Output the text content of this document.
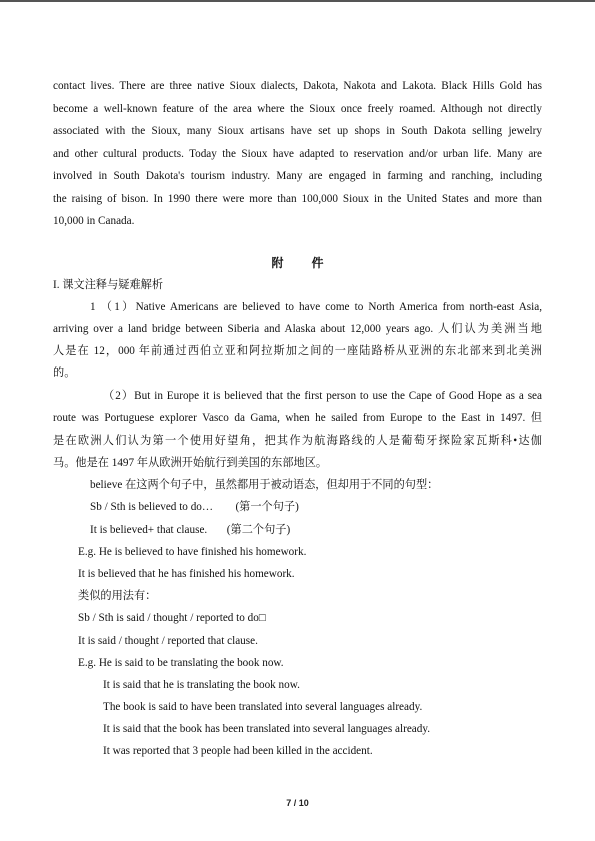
contact lives. There are three native Sioux dialects, Dakota, Nakota and Lakota. Black Hills Gold has

become a well-known feature of the area where the Sioux once freely roamed. Although not directly

associated with the Sioux, many Sioux artisans have set up shops in South Dakota selling jewelry

and other cultural products. Today the Sioux have adapted to reservation and/or urban life. Many are

involved in South Dakota's tourism industry. Many are engaged in farming and ranching, including

the raising of bison. In 1990 there were more than 100,000 Sioux in the United States and more than

10,000 in Canada.

附 件

I. 课文注释与疑难解析

1 （1）Native Americans are believed to have come to North America from north-east Asia,

arriving over a land bridge between Siberia and Alaska about 12,000 years ago. 人们认为美洲当地

人是在 12，000 年前通过西伯立亚和阿拉斯加之间的一座陆路桥从亚洲的东北部来到北美洲

的。

（2）But in Europe it is believed that the first person to use the Cape of Good Hope as a sea

route was Portuguese explorer Vasco da Gama, when he sailed from Europe to the East in 1497. 但

是在欧洲人们认为第一个使用好望角，把其作为航海路线的人是葡萄牙探险家瓦斯科•达伽

马。他是在 1497 年从欧洲开始航行到美国的东部地区。

believe 在这两个句子中，虽然都用于被动语态，但却用于不同的句型：

Sb / Sth is believed to do…        (第一个句子)

It is believed+ that clause.       (第二个句子)

E.g. He is believed to have finished his homework.

It is believed that he has finished his homework.

类似的用法有：

Sb / Sth is said / thought / reported to do□

It is said / thought / reported that clause.

E.g. He is said to be translating the book now.

It is said that he is translating the book now.

The book is said to have been translated into several languages already.

It is said that the book has been translated into several languages already.

It was reported that 3 people had been killed in the accident.

7 / 10
